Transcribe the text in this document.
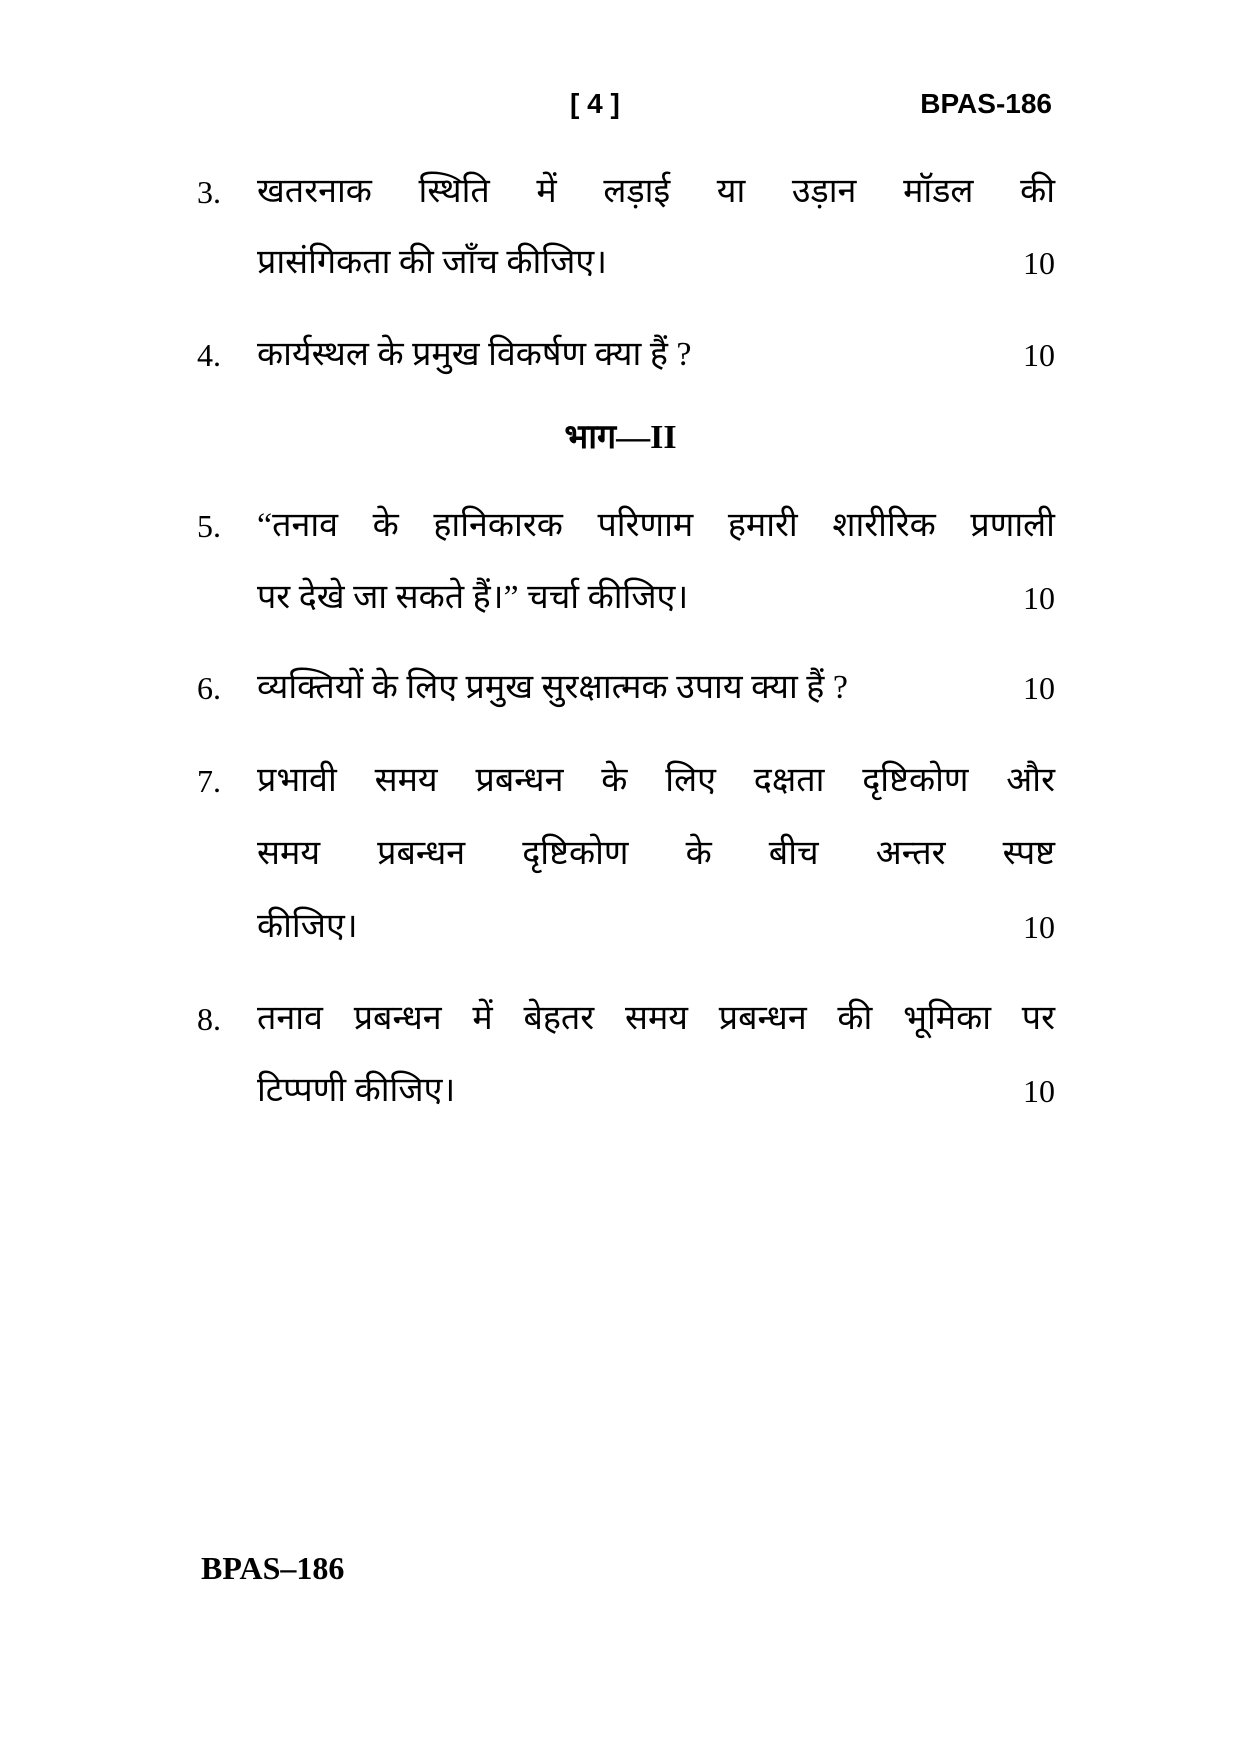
[ 4 ]	BPAS-186
3. खतरनाक स्थिति में लड़ाई या उड़ान मॉडल की
प्रासंगिकता की जाँच कीजिए।	10
4. कार्यस्थल के प्रमुख विकर्षण क्या हैं ?	10
भाग—II
5. “तनाव के हानिकारक परिणाम हमारी शारीरिक प्रणाली
पर देखे जा सकते हैं।” चर्चा कीजिए।	10
6. व्यक्तियों के लिए प्रमुख सुरक्षात्मक उपाय क्या हैं ?	10
7. प्रभावी समय प्रबन्धन के लिए दक्षता दृष्टिकोण और
समय प्रबन्धन दृष्टिकोण के बीच अन्तर स्पष्ट
कीजिए।	10
8. तनाव प्रबन्धन में बेहतर समय प्रबन्धन की भूमिका पर
टिप्पणी कीजिए।	10
BPAS–186
